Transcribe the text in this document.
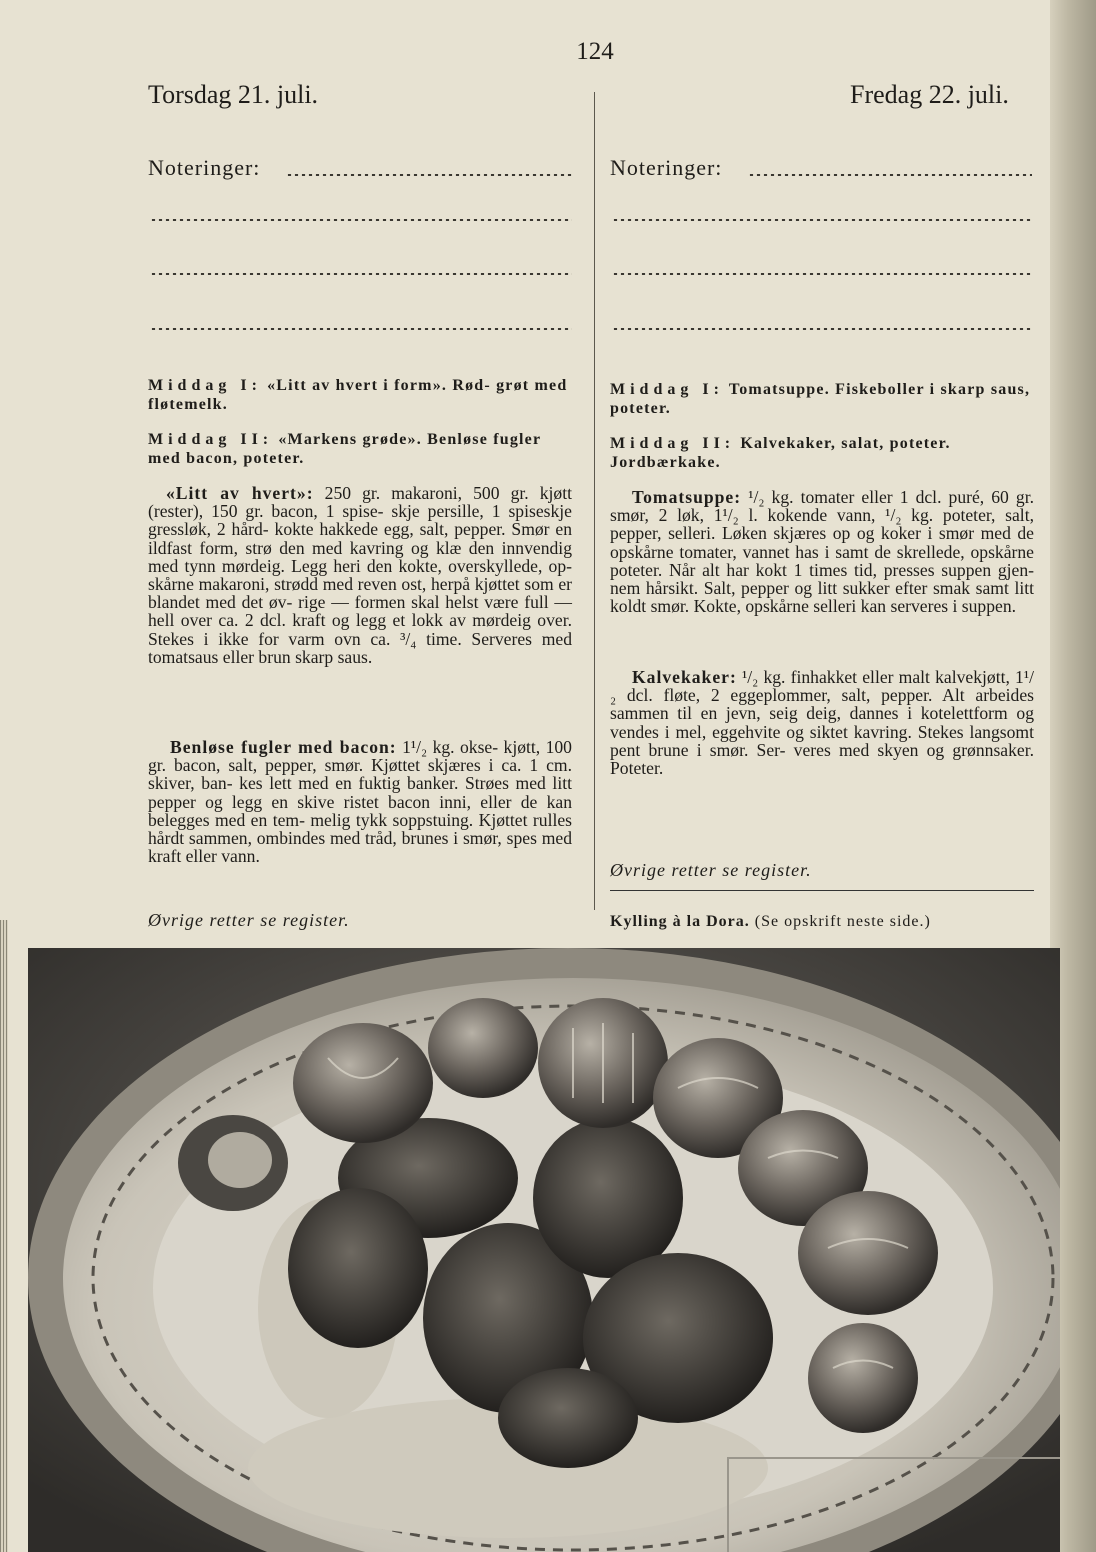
124
Torsdag 21. juli.	Fredag 22. juli.
Noteringer:
Middag I: «Litt av hvert i form». Rød- grøt med fløtemelk.
Middag II: «Markens grøde». Benløse fugler med bacon, poteter.
«Litt av hvert»: 250 gr. makaroni, 500 gr. kjøtt (rester), 150 gr. bacon, 1 spise- skje persille, 1 spiseskje gressløk, 2 hård- kokte hakkede egg, salt, pepper. Smør en ildfast form, strø den med kavring og klæ den innvendig med tynn mørdeig. Legg heri den kokte, overskyllede, op- skårne makaroni, strødd med reven ost, herpå kjøttet som er blandet med det øv- rige — formen skal helst være full — hell over ca. 2 dcl. kraft og legg et lokk av mørdeig over. Stekes i ikke for varm ovn ca. ³/₄ time. Serveres med tomatsaus eller brun skarp saus.
Benløse fugler med bacon: 1¹/₂ kg. okse- kjøtt, 100 gr. bacon, salt, pepper, smør. Kjøttet skjæres i ca. 1 cm. skiver, ban- kes lett med en fuktig banker. Strøes med litt pepper og legg en skive ristet bacon inni, eller de kan belegges med en tem- melig tykk soppstuing. Kjøttet rulles hårdt sammen, ombindes med tråd, brunes i smør, spes med kraft eller vann.
Øvrige retter se register.
Noteringer:
Middag I: Tomatsuppe. Fiskeboller i skarp saus, poteter.
Middag II: Kalvekaker, salat, poteter. Jordbærkake.
Tomatsuppe: ¹/₂ kg. tomater eller 1 dcl. puré, 60 gr. smør, 2 løk, 1¹/₂ l. kokende vann, ¹/₂ kg. poteter, salt, pepper, selleri. Løken skjæres op og koker i smør med de opskårne tomater, vannet has i samt de skrellede, opskårne poteter. Når alt har kokt 1 times tid, presses suppen gjen- nem hårsikt. Salt, pepper og litt sukker efter smak samt litt koldt smør. Kokte, opskårne selleri kan serveres i suppen.
Kalvekaker: ¹/₂ kg. finhakket eller malt kalvekjøtt, 1¹/₂ dcl. fløte, 2 eggeplommer, salt, pepper. Alt arbeides sammen til en jevn, seig deig, dannes i kotelettform og vendes i mel, eggehvite og siktet kavring. Stekes langsomt pent brune i smør. Ser- veres med skyen og grønnsaker. Poteter.
Øvrige retter se register.
Kylling à la Dora. (Se opskrift neste side.)
